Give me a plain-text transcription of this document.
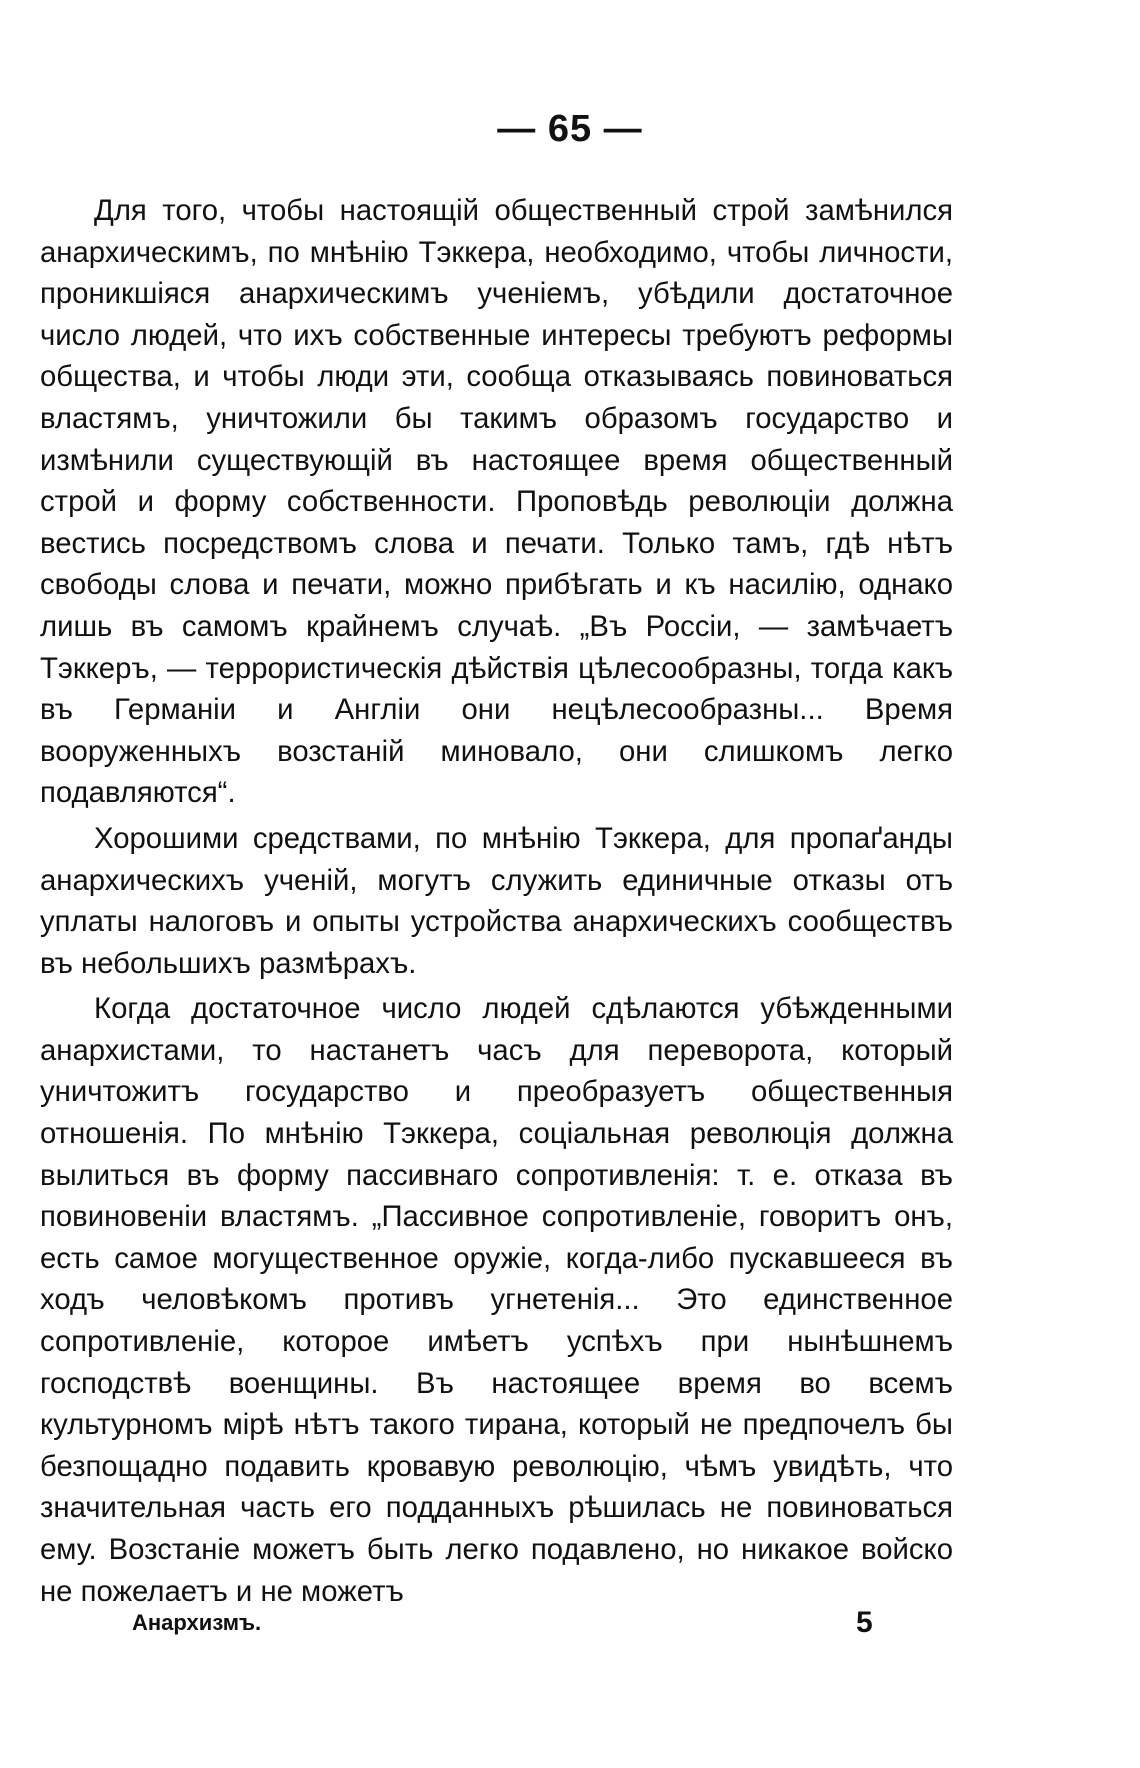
— 65 —

Для того, чтобы настоящій общественный строй замѣнился анархическимъ, по мнѣнію Тэккера, необходимо, чтобы личности, проникшіяся анархическимъ ученіемъ, убѣдили достаточное число людей, что ихъ собственные интересы требуютъ реформы общества, и чтобы люди эти, сообща отказываясь повиноваться властямъ, уничтожили бы такимъ образомъ государство и измѣнили существующій въ настоящее время общественный строй и форму собственности. Проповѣдь революціи должна вестись посредствомъ слова и печати. Только тамъ, гдѣ нѣтъ свободы слова и печати, можно прибѣгать и къ насилію, однако лишь въ самомъ крайнемъ случаѣ. „Въ Россіи, — замѣчаетъ Тэккеръ, — террористическія дѣйствія цѣлесообразны, тогда какъ въ Германіи и Англіи они нецѣлесообразны... Время вооруженныхъ возстаній миновало, они слишкомъ легко подавляются“.

Хорошими средствами, по мнѣнію Тэккера, для пропаґанды анархическихъ ученій, могутъ служить единичные отказы отъ уплаты налоговъ и опыты устройства анархическихъ сообществъ въ небольшихъ размѣрахъ.

Когда достаточное число людей сдѣлаются убѣжденными анархистами, то настанетъ часъ для переворота, который уничтожитъ государство и преобразуетъ общественныя отношенія. По мнѣнію Тэккера, соціальная революція должна вылиться въ форму пассивнаго сопротивленія: т. е. отказа въ повиновеніи властямъ. „Пассивное сопротивленіе, говоритъ онъ, есть самое могущественное оружіе, когда-либо пускавшееся въ ходъ человѣкомъ противъ угнетенія... Это единственное сопротивленіе, которое имѣетъ успѣхъ при нынѣшнемъ господствѣ военщины. Въ настоящее время во всемъ культурномъ мірѣ нѣтъ такого тирана, который не предпочелъ бы безпощадно подавить кровавую революцію, чѣмъ увидѣть, что значительная часть его подданныхъ рѣшилась не повиноваться ему. Возстаніе можетъ быть легко подавлено, но никакое войско не пожелаетъ и не можетъ

Анархизмъ.	5
